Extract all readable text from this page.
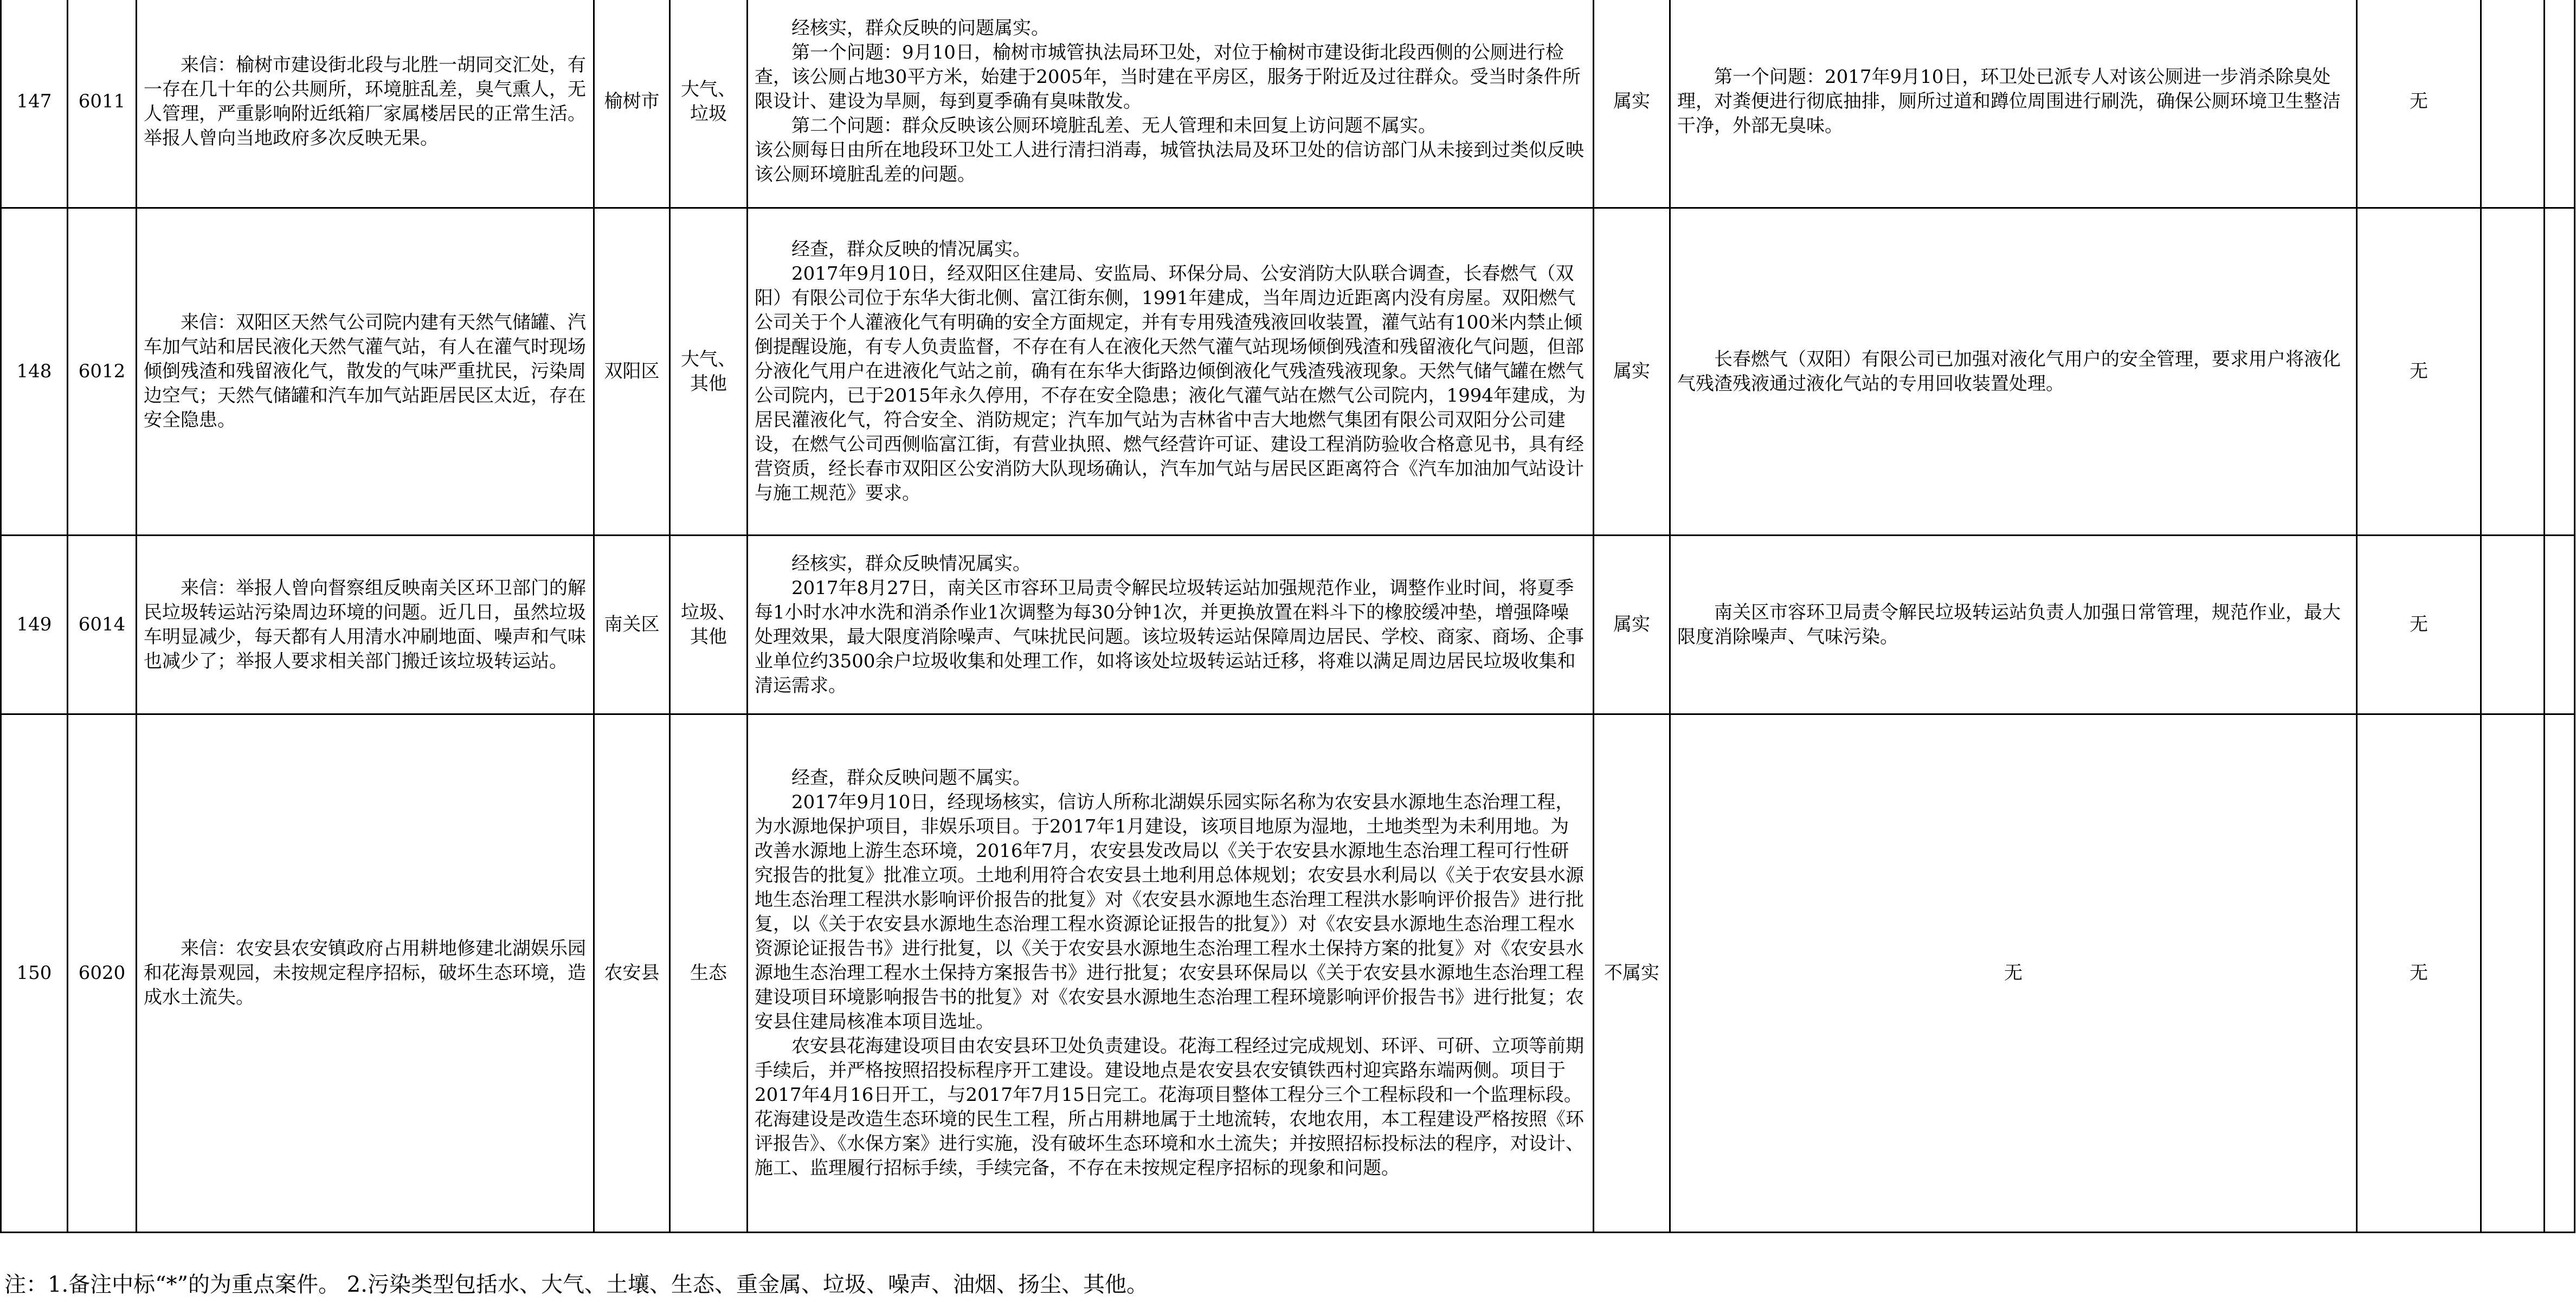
147	6011	来信：榆树市建设街北段与北胜一胡同交汇处，有一存在几十年的公共厕所，环境脏乱差，臭气熏人，无人管理，严重影响附近纸箱厂家属楼居民的正常生活。举报人曾向当地政府多次反映无果。	榆树市	大气、垃圾	经核实，群众反映的问题属实。

第一个问题：9月10日，榆树市城管执法局环卫处，对位于榆树市建设街北段西侧的公厕进行检查，该公厕占地30平方米，始建于2005年，当时建在平房区，服务于附近及过往群众。受当时条件所限设计、建设为旱厕，每到夏季确有臭味散发。

第二个问题：群众反映该公厕环境脏乱差、无人管理和未回复上访问题不属实。

该公厕每日由所在地段环卫处工人进行清扫消毒，城管执法局及环卫处的信访部门从未接到过类似反映该公厕环境脏乱差的问题。	属实	第一个问题：2017年9月10日，环卫处已派专人对该公厕进一步消杀除臭处理，对粪便进行彻底抽排，厕所过道和蹲位周围进行刷洗，确保公厕环境卫生整洁干净，外部无臭味。	无		
148	6012	来信：双阳区天然气公司院内建有天然气储罐、汽车加气站和居民液化天然气灌气站，有人在灌气时现场倾倒残渣和残留液化气，散发的气味严重扰民，污染周边空气；天然气储罐和汽车加气站距居民区太近，存在安全隐患。	双阳区	大气、其他	经查，群众反映的情况属实。

2017年9月10日，经双阳区住建局、安监局、环保分局、公安消防大队联合调查，长春燃气（双阳）有限公司位于东华大街北侧、富江街东侧，1991年建成，当年周边近距离内没有房屋。双阳燃气公司关于个人灌液化气有明确的安全方面规定，并有专用残渣残液回收装置，灌气站有100米内禁止倾倒提醒设施，有专人负责监督，不存在有人在液化天然气灌气站现场倾倒残渣和残留液化气问题，但部分液化气用户在进液化气站之前，确有在东华大街路边倾倒液化气残渣残液现象。天然气储气罐在燃气公司院内，已于2015年永久停用，不存在安全隐患；液化气灌气站在燃气公司院内，1994年建成，为居民灌液化气，符合安全、消防规定；汽车加气站为吉林省中吉大地燃气集团有限公司双阳分公司建设，在燃气公司西侧临富江街，有营业执照、燃气经营许可证、建设工程消防验收合格意见书，具有经营资质，经长春市双阳区公安消防大队现场确认，汽车加气站与居民区距离符合《汽车加油加气站设计与施工规范》要求。	属实	长春燃气（双阳）有限公司已加强对液化气用户的安全管理，要求用户将液化气残渣残液通过液化气站的专用回收装置处理。	无		
149	6014	来信：举报人曾向督察组反映南关区环卫部门的解民垃圾转运站污染周边环境的问题。近几日，虽然垃圾车明显减少，每天都有人用清水冲刷地面、噪声和气味也减少了；举报人要求相关部门搬迁该垃圾转运站。	南关区	垃圾、其他	经核实，群众反映情况属实。

2017年8月27日，南关区市容环卫局责令解民垃圾转运站加强规范作业，调整作业时间，将夏季每1小时水冲水洗和消杀作业1次调整为每30分钟1次，并更换放置在料斗下的橡胶缓冲垫，增强降噪处理效果，最大限度消除噪声、气味扰民问题。该垃圾转运站保障周边居民、学校、商家、商场、企事业单位约3500余户垃圾收集和处理工作，如将该处垃圾转运站迁移，将难以满足周边居民垃圾收集和清运需求。	属实	南关区市容环卫局责令解民垃圾转运站负责人加强日常管理，规范作业，最大限度消除噪声、气味污染。	无		
150	6020	来信：农安县农安镇政府占用耕地修建北湖娱乐园和花海景观园，未按规定程序招标，破坏生态环境，造成水土流失。	农安县	生态	经查，群众反映问题不属实。

2017年9月10日，经现场核实，信访人所称北湖娱乐园实际名称为农安县水源地生态治理工程，为水源地保护项目，非娱乐项目。于2017年1月建设，该项目地原为湿地，土地类型为未利用地。为改善水源地上游生态环境，2016年7月，农安县发改局以《关于农安县水源地生态治理工程可行性研究报告的批复》批准立项。土地利用符合农安县土地利用总体规划；农安县水利局以《关于农安县水源地生态治理工程洪水影响评价报告的批复》对《农安县水源地生态治理工程洪水影响评价报告》进行批复，以《关于农安县水源地生态治理工程水资源论证报告的批复》）对《农安县水源地生态治理工程水资源论证报告书》进行批复，以《关于农安县水源地生态治理工程水土保持方案的批复》对《农安县水源地生态治理工程水土保持方案报告书》进行批复；农安县环保局以《关于农安县水源地生态治理工程建设项目环境影响报告书的批复》对《农安县水源地生态治理工程环境影响评价报告书》进行批复；农安县住建局核准本项目选址。

农安县花海建设项目由农安县环卫处负责建设。花海工程经过完成规划、环评、可研、立项等前期手续后，并严格按照招投标程序开工建设。建设地点是农安县农安镇铁西村迎宾路东端两侧。项目于2017年4月16日开工，与2017年7月15日完工。花海项目整体工程分三个工程标段和一个监理标段。花海建设是改造生态环境的民生工程，所占用耕地属于土地流转，农地农用，本工程建设严格按照《环评报告》、《水保方案》进行实施，没有破坏生态环境和水土流失；并按照招标投标法的程序，对设计、施工、监理履行招标手续，手续完备，不存在未按规定程序招标的现象和问题。	不属实	无	无		
注：1.备注中标“*”的为重点案件。 2.污染类型包括水、大气、土壤、生态、重金属、垃圾、噪声、油烟、扬尘、其他。
